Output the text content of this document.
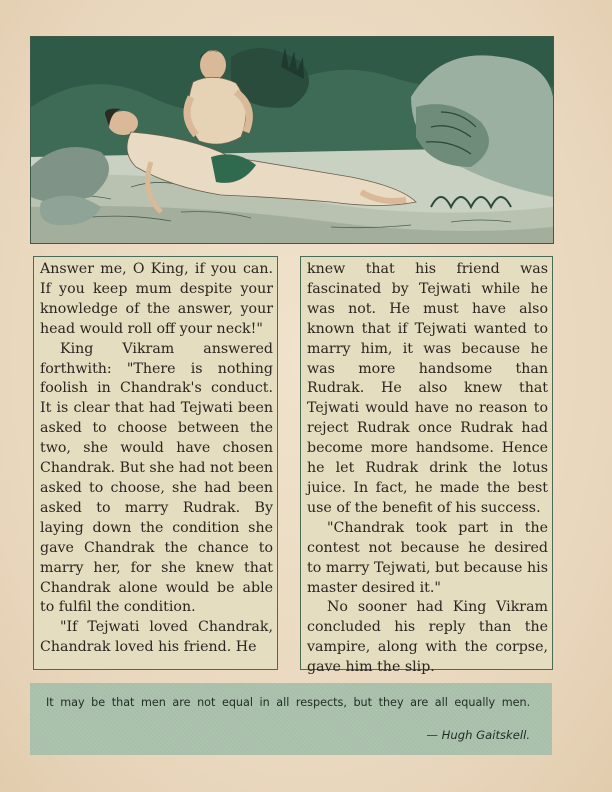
Answer me, O King, if you can. If you keep mum despite your knowledge of the answer, your head would roll off your neck!"

King Vikram answered forthwith: "There is nothing foolish in Chandrak's conduct. It is clear that had Tejwati been asked to choose between the two, she would have chosen Chandrak. But she had not been asked to choose, she had been asked to marry Rudrak. By laying down the condition she gave Chandrak the chance to marry her, for she knew that Chandrak alone would be able to fulfil the condition.

"If Tejwati loved Chandrak, Chandrak loved his friend. He

knew that his friend was fascinated by Tejwati while he was not. He must have also known that if Tejwati wanted to marry him, it was because he was more handsome than Rudrak. He also knew that Tejwati would have no reason to reject Rudrak once Rudrak had become more handsome. Hence he let Rudrak drink the lotus juice. In fact, he made the best use of the benefit of his success.

"Chandrak took part in the contest not because he desired to marry Tejwati, but because his master desired it."

No sooner had King Vikram concluded his reply than the vampire, along with the corpse, gave him the slip.

It may be that men are not equal in all respects, but they are all equally men.
— Hugh Gaitskell.
